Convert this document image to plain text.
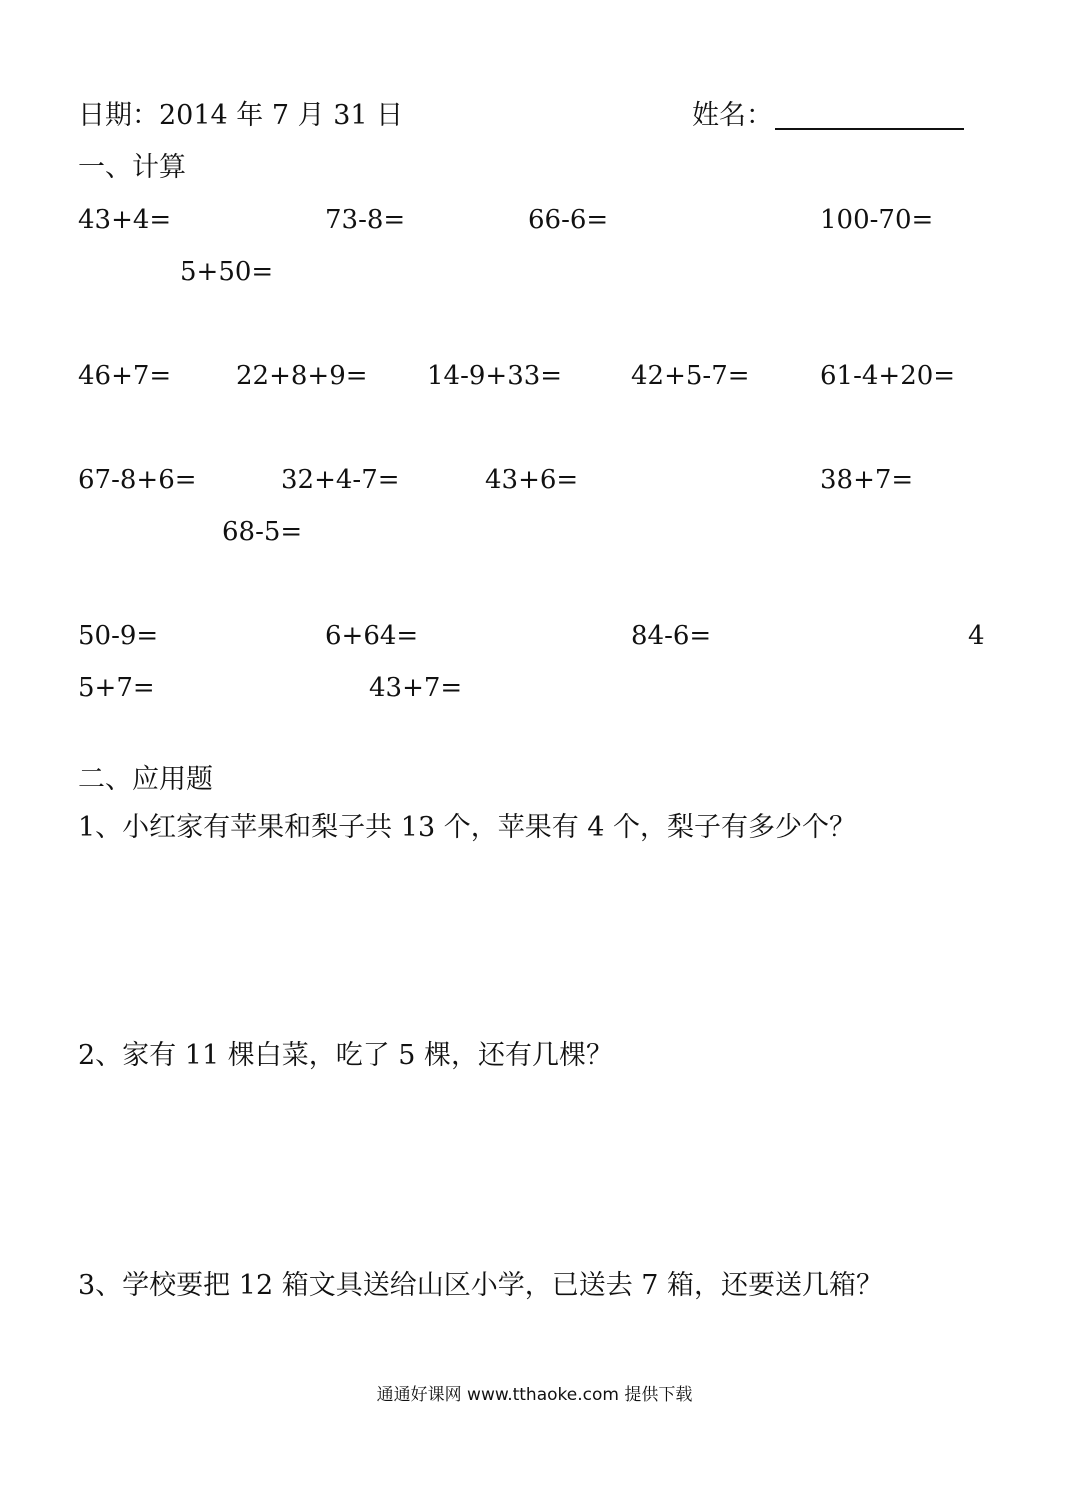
日期：2014 年 7 月 31 日	姓名：
一、计算
43+4=	73-8=	66-6=	100-70=
5+50=
46+7= 22+8+9= 14-9+33=	42+5-7=	61-4+20=
67-8+6=	32+4-7=	43+6=	38+7=
68-5=
50-9=	6+64=	84-6=	4
5+7=	43+7=
二、应用题
1、小红家有苹果和梨子共 13 个，苹果有 4 个，梨子有多少个？
2、家有 11 棵白菜，吃了 5 棵，还有几棵？
3、学校要把 12 箱文具送给山区小学，已送去 7 箱，还要送几箱？
通通好课网 www.tthaoke.com 提供下载
